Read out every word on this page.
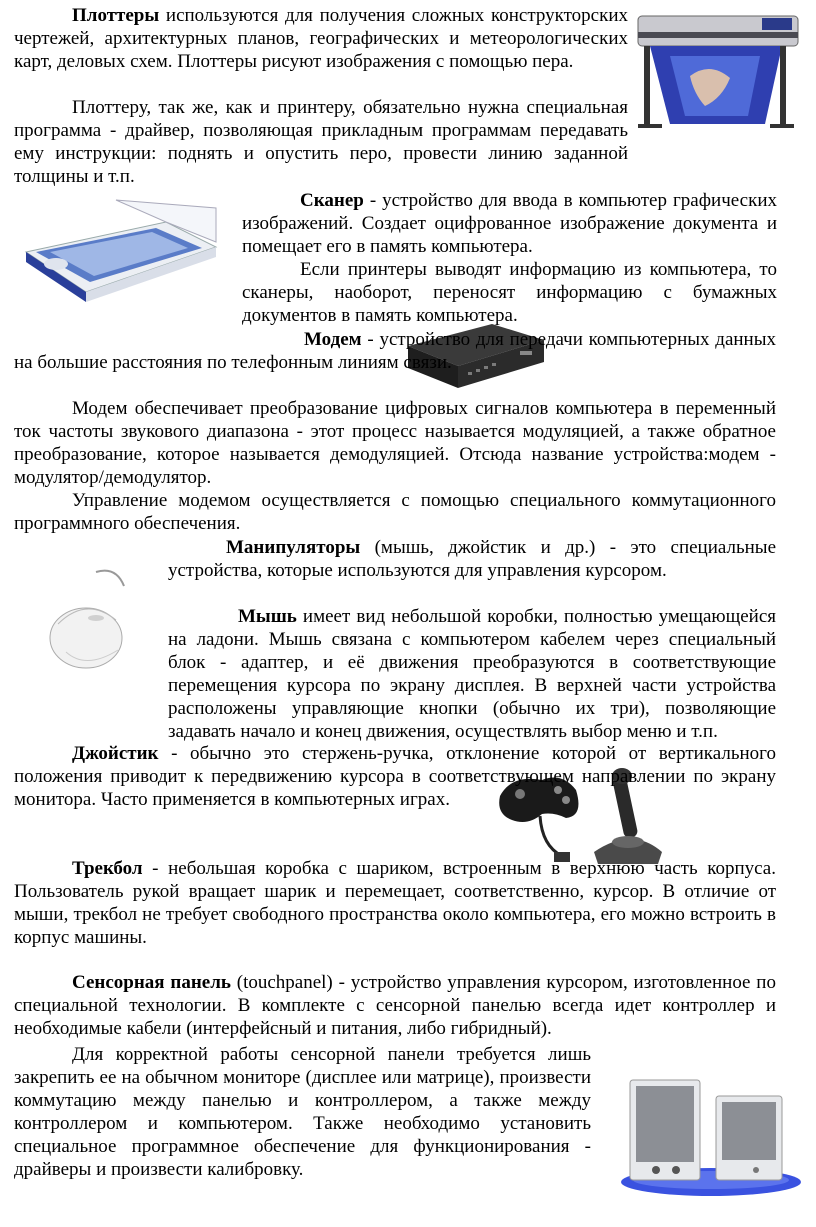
Плоттеры используются для получения сложных конструкторских чертежей, архитектурных планов, географических и метеорологических карт, деловых схем. Плоттеры рисуют изображения с помощью пера.

Плоттеру, так же, как и принтеру, обязательно нужна специальная программа - драйвер, позволяющая прикладным программам передавать ему инструкции: поднять и опустить перо, провести линию заданной толщины и т.п.

Сканер - устройство для ввода в компьютер графических изображений. Создает оцифрованное изображение документа и помещает его в память компьютера.

Если принтеры выводят информацию из компьютера, то сканеры, наоборот, переносят информацию с бумажных документов в память компьютера.

Модем - устройство для передачи компьютерных данных на большие расстояния по телефонным линиям связи.

Модем обеспечивает преобразование цифровых сигналов компьютера в переменный ток частоты звукового диапазона - этот процесс называется модуляцией, а также обратное преобразование, которое называется демодуляцией. Отсюда название устройства:модем - модулятор/демодулятор.

Управление модемом осуществляется с помощью специального коммутационного программного обеспечения.

Манипуляторы (мышь, джойстик и др.) - это специальные устройства, которые используются для управления курсором.

Мышь имеет вид небольшой коробки, полностью умещающейся на ладони. Мышь связана с компьютером кабелем через специальный блок - адаптер, и её движения преобразуются в соответствующие перемещения курсора по экрану дисплея. В верхней части устройства расположены управляющие кнопки (обычно их три), позволяющие задавать начало и конец движения, осуществлять выбор меню и т.п.

Джойстик - обычно это стержень-ручка, отклонение которой от вертикального положения приводит к передвижению курсора в соответствующем направлении по экрану монитора. Часто применяется в компьютерных играх.

Трекбол - небольшая коробка с шариком, встроенным в верхнюю часть корпуса. Пользователь рукой вращает шарик и перемещает, соответственно, курсор. В отличие от мыши, трекбол не требует свободного пространства около компьютера, его можно встроить в корпус машины.

Сенсорная панель (touchpanel) - устройство управления курсором, изготовленное по специальной технологии. В комплекте с сенсорной панелью всегда идет контроллер и необходимые кабели (интерфейсный и питания, либо гибридный).

Для корректной работы сенсорной панели требуется лишь закрепить ее на обычном мониторе (дисплее или матрице), произвести коммутацию между панелью и контроллером, а также между контроллером и компьютером. Также необходимо установить специальное программное обеспечение для функционирования - драйверы и произвести калибровку.
